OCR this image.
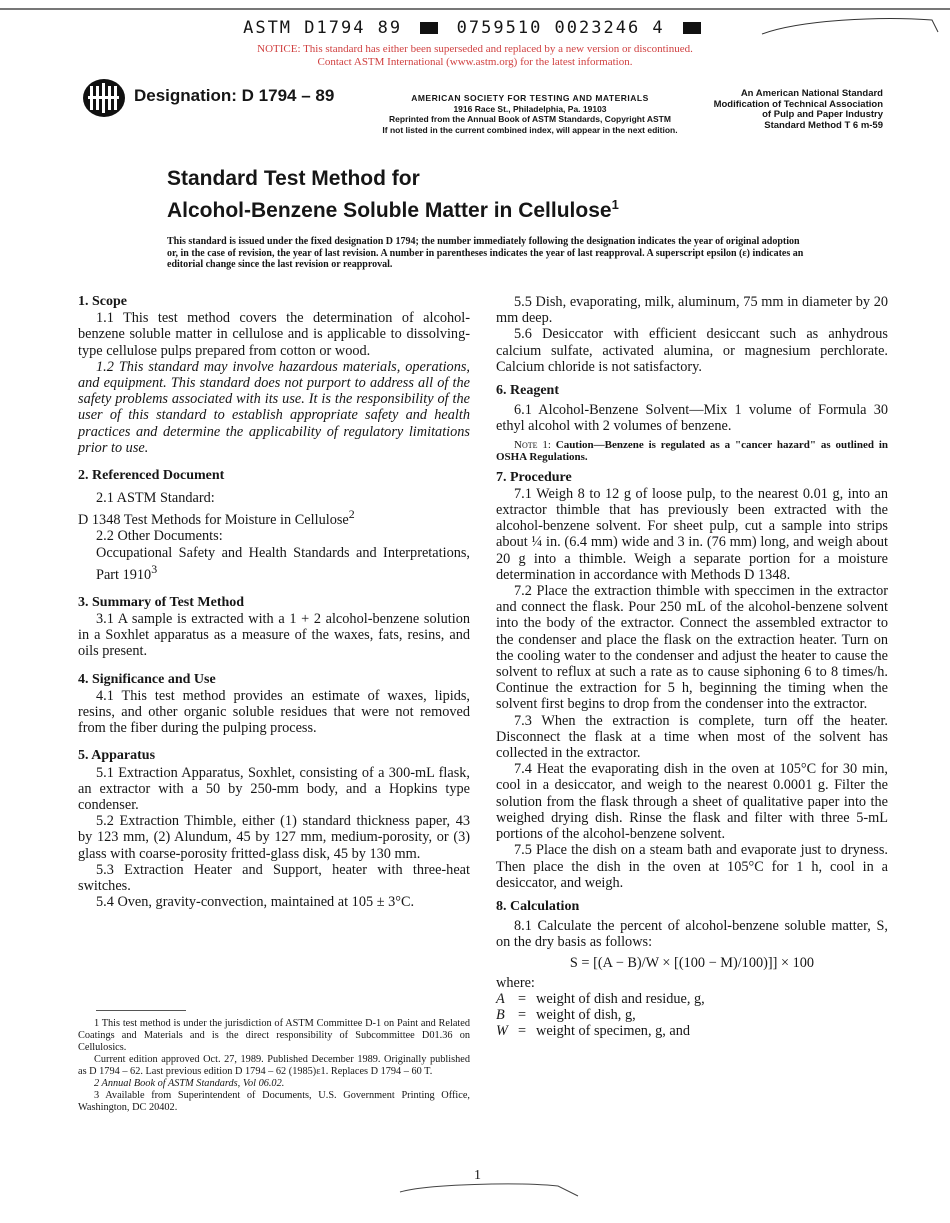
ASTM D1794 89	0759510 0023246 4
NOTICE: This standard has either been superseded and replaced by a new version or discontinued.
Contact ASTM International (www.astm.org) for the latest information.
Designation: D 1794 – 89	AMERICAN SOCIETY FOR TESTING AND MATERIALS
1916 Race St., Philadelphia, Pa. 19103
Reprinted from the Annual Book of ASTM Standards, Copyright ASTM
If not listed in the current combined index, will appear in the next edition.
An American National Standard
Modification of Technical Association
of Pulp and Paper Industry
Standard Method T 6 m-59
Standard Test Method for
Alcohol-Benzene Soluble Matter in Cellulose$^1$
This standard is issued under the fixed designation D 1794; the number immediately following the designation indicates the year of original adoption or, in the case of revision, the year of last revision. A number in parentheses indicates the year of last reapproval. A superscript epsilon (ε) indicates an editorial change since the last revision or reapproval.
1. Scope

1.1 This test method covers the determination of alcohol-benzene soluble matter in cellulose and is applicable to dissolving-type cellulose pulps prepared from cotton or wood.

1.2 This standard may involve hazardous materials, operations, and equipment. This standard does not purport to address all of the safety problems associated with its use. It is the responsibility of the user of this standard to establish appropriate safety and health practices and determine the applicability of regulatory limitations prior to use.

2. Referenced Document

2.1 ASTM Standard:

D 1348 Test Methods for Moisture in Cellulose$^2$

2.2 Other Documents:

Occupational Safety and Health Standards and Interpretations, Part 1910$^3$

3. Summary of Test Method

3.1 A sample is extracted with a 1 + 2 alcohol-benzene solution in a Soxhlet apparatus as a measure of the waxes, fats, resins, and oils present.

4. Significance and Use

4.1 This test method provides an estimate of waxes, lipids, resins, and other organic soluble residues that were not removed from the fiber during the pulping process.

5. Apparatus

5.1 Extraction Apparatus, Soxhlet, consisting of a 300-mL flask, an extractor with a 50 by 250-mm body, and a Hopkins type condenser.

5.2 Extraction Thimble, either (1) standard thickness paper, 43 by 123 mm, (2) Alundum, 45 by 127 mm, medium-porosity, or (3) glass with coarse-porosity fritted-glass disk, 45 by 130 mm.

5.3 Extraction Heater and Support, heater with three-heat switches.

5.4 Oven, gravity-convection, maintained at 105 ± 3°C.

1 This test method is under the jurisdiction of ASTM Committee D-1 on Paint and Related Coatings and Materials and is the direct responsibility of Subcommittee D01.36 on Cellulosics.

Current edition approved Oct. 27, 1989. Published December 1989. Originally published as D 1794 – 62. Last previous edition D 1794 – 62 (1985)ε1. Replaces D 1794 – 60 T.

2 Annual Book of ASTM Standards, Vol 06.02.

3 Available from Superintendent of Documents, U.S. Government Printing Office, Washington, DC 20402.

5.5 Dish, evaporating, milk, aluminum, 75 mm in diameter by 20 mm deep.

5.6 Desiccator with efficient desiccant such as anhydrous calcium sulfate, activated alumina, or magnesium perchlorate. Calcium chloride is not satisfactory.

6. Reagent

6.1 Alcohol-Benzene Solvent—Mix 1 volume of Formula 30 ethyl alcohol with 2 volumes of benzene.

Note 1: Caution—Benzene is regulated as a "cancer hazard" as outlined in OSHA Regulations.

7. Procedure

7.1 Weigh 8 to 12 g of loose pulp, to the nearest 0.01 g, into an extractor thimble that has previously been extracted with the alcohol-benzene solvent. For sheet pulp, cut a sample into strips about ¼ in. (6.4 mm) wide and 3 in. (76 mm) long, and weigh about 20 g into a thimble. Weigh a separate portion for a moisture determination in accordance with Methods D 1348.

7.2 Place the extraction thimble with speccimen in the extractor and connect the flask. Pour 250 mL of the alcohol-benzene solvent into the body of the extractor. Connect the assembled extractor to the condenser and place the flask on the extraction heater. Turn on the cooling water to the condenser and adjust the heater to cause the solvent to reflux at such a rate as to cause siphoning 6 to 8 times/h. Continue the extraction for 5 h, beginning the timing when the solvent first begins to drop from the condenser into the extractor.

7.3 When the extraction is complete, turn off the heater. Disconnect the flask at a time when most of the solvent has collected in the extractor.

7.4 Heat the evaporating dish in the oven at 105°C for 30 min, cool in a desiccator, and weigh to the nearest 0.0001 g. Filter the solution from the flask through a sheet of qualitative paper into the weighed drying dish. Rinse the flask and filter with three 5-mL portions of the alcohol-benzene solvent.

7.5 Place the dish on a steam bath and evaporate just to dryness. Then place the dish in the oven at 105°C for 1 h, cool in a desiccator, and weigh.

8. Calculation

8.1 Calculate the percent of alcohol-benzene soluble matter, S, on the dry basis as follows:

S = [(A − B)/W × [(100 − M)/100)]] × 100

where:

A = weight of dish and residue, g,
B = weight of dish, g,
W = weight of specimen, g, and
1
